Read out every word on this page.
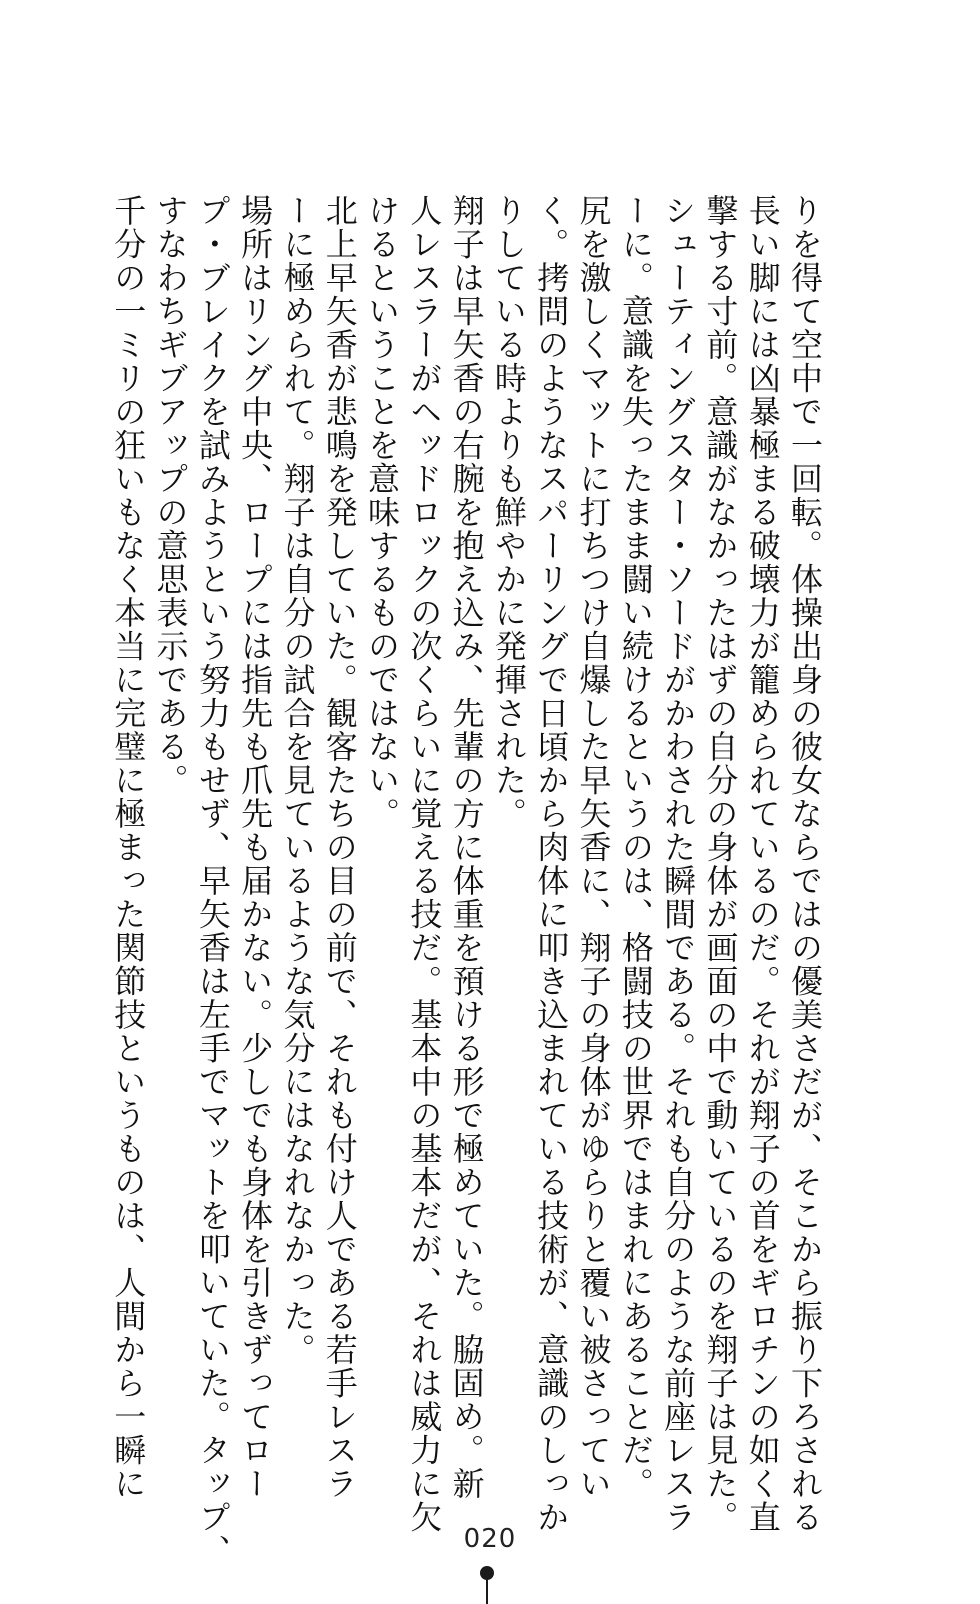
りを得て空中で一回転。体操出身の彼女ならではの優美さだが、そこから振り下ろされる
長い脚には凶暴極まる破壊力が籠められているのだ。それが翔子の首をギロチンの如く直
撃する寸前。意識がなかったはずの自分の身体が画面の中で動いているのを翔子は見た。
シューティングスター・ソードがかわされた瞬間である。それも自分のような前座レスラ
ーに。意識を失ったまま闘い続けるというのは、格闘技の世界ではまれにあることだ。
尻を激しくマットに打ちつけ自爆した早矢香に、翔子の身体がゆらりと覆い被さってい
く。拷問のようなスパーリングで日頃から肉体に叩き込まれている技術が、意識のしっか
りしている時よりも鮮やかに発揮された。
翔子は早矢香の右腕を抱え込み、先輩の方に体重を預ける形で極めていた。脇固め。新
人レスラーがヘッドロックの次くらいに覚える技だ。基本中の基本だが、それは威力に欠
けるということを意味するものではない。
北上早矢香が悲鳴を発していた。観客たちの目の前で、それも付け人である若手レスラ
ーに極められて。翔子は自分の試合を見ているような気分にはなれなかった。
場所はリング中央、ロープには指先も爪先も届かない。少しでも身体を引きずってロー
プ・ブレイクを試みようという努力もせず、早矢香は左手でマットを叩いていた。タップ、
すなわちギブアップの意思表示である。
千分の一ミリの狂いもなく本当に完璧に極まった関節技というものは、人間から一瞬に
020
